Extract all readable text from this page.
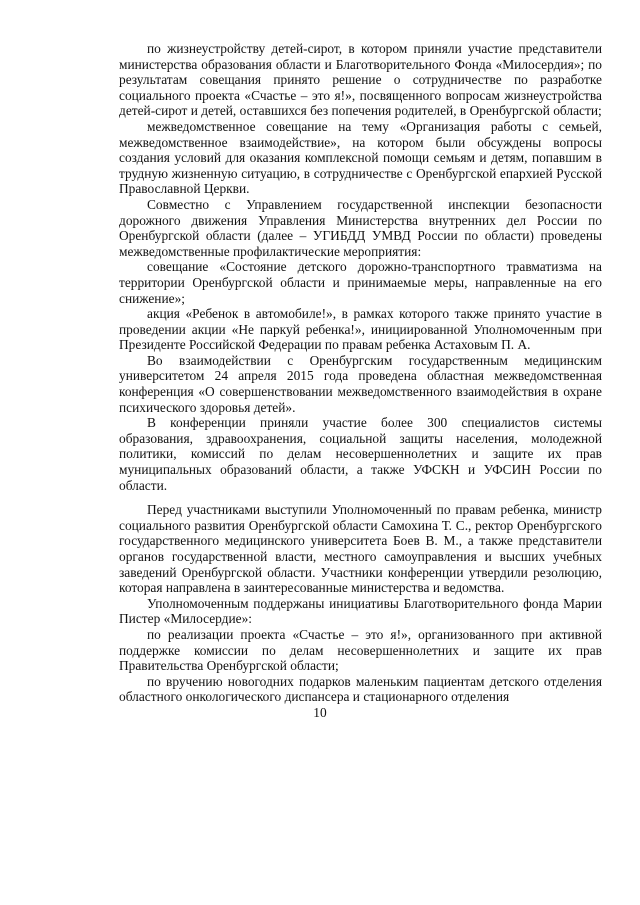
по жизнеустройству детей-сирот, в котором приняли участие представители министерства образования области и Благотворительного Фонда «Милосердия»; по результатам совещания принято решение о сотрудничестве по разработке социального проекта «Счастье – это я!», посвященного вопросам жизнеустройства детей-сирот и детей, оставшихся без попечения родителей, в Оренбургской области;

межведомственное совещание на тему «Организация работы с семьей, межведомственное взаимодействие», на котором были обсуждены вопросы создания условий для оказания комплексной помощи семьям и детям, попавшим в трудную жизненную ситуацию, в сотрудничестве с Оренбургской епархией Русской Православной Церкви.

Совместно с Управлением государственной инспекции безопасности дорожного движения Управления Министерства внутренних дел России по Оренбургской области (далее – УГИБДД УМВД России по области) проведены межведомственные профилактические мероприятия:

совещание «Состояние детского дорожно-транспортного травматизма на территории Оренбургской области и принимаемые меры, направленные на его снижение»;

акция «Ребенок в автомобиле!», в рамках которого также принято участие в проведении акции «Не паркуй ребенка!», инициированной Уполномоченным при Президенте Российской Федерации по правам ребенка Астаховым П. А.

Во взаимодействии с Оренбургским государственным медицинским университетом 24 апреля 2015 года проведена областная межведомственная конференция «О совершенствовании межведомственного взаимодействия в охране психического здоровья детей».

В конференции приняли участие более 300 специалистов системы образования, здравоохранения, социальной защиты населения, молодежной политики, комиссий по делам несовершеннолетних и защите их прав муниципальных образований области, а также УФСКН и УФСИН России по области.

Перед участниками выступили Уполномоченный по правам ребенка, министр социального развития Оренбургской области Самохина Т. С., ректор Оренбургского государственного медицинского университета Боев В. М., а также представители органов государственной власти, местного самоуправления и высших учебных заведений Оренбургской области. Участники конференции утвердили резолюцию, которая направлена в заинтересованные министерства и ведомства.

Уполномоченным поддержаны инициативы Благотворительного фонда Марии Пистер «Милосердие»:

по реализации проекта «Счастье – это я!», организованного при активной поддержке комиссии по делам несовершеннолетних и защите их прав Правительства Оренбургской области;

по вручению новогодних подарков маленьким пациентам детского отделения областного онкологического диспансера и стационарного отделения

10
